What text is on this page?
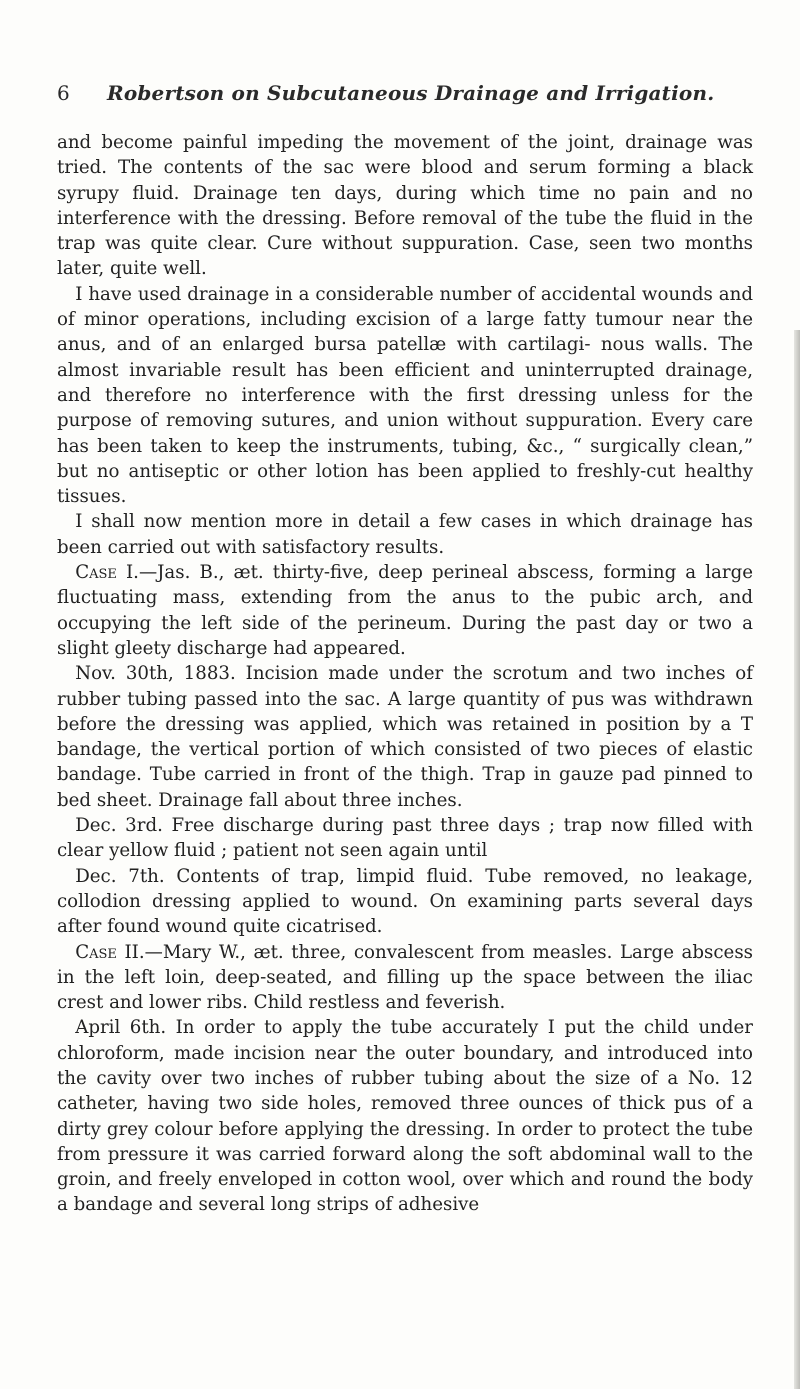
6 Robertson on Subcutaneous Drainage and Irrigation.

and become painful impeding the movement of the joint, drainage was tried. The contents of the sac were blood and serum forming a black syrupy fluid. Drainage ten days, during which time no pain and no interference with the dressing. Before removal of the tube the fluid in the trap was quite clear. Cure without suppuration. Case, seen two months later, quite well.

 I have used drainage in a considerable number of accidental wounds and of minor operations, including excision of a large fatty tumour near the anus, and of an enlarged bursa patellæ with cartilagi- nous walls. The almost invariable result has been efficient and uninterrupted drainage, and therefore no interference with the first dressing unless for the purpose of removing sutures, and union without suppuration. Every care has been taken to keep the instruments, tubing, &c., “ surgically clean,” but no antiseptic or other lotion has been applied to freshly-cut healthy tissues.

 I shall now mention more in detail a few cases in which drainage has been carried out with satisfactory results.

 Case I.—Jas. B., æt. thirty-five, deep perineal abscess, forming a large fluctuating mass, extending from the anus to the pubic arch, and occupying the left side of the perineum. During the past day or two a slight gleety discharge had appeared.

 Nov. 30th, 1883. Incision made under the scrotum and two inches of rubber tubing passed into the sac. A large quantity of pus was withdrawn before the dressing was applied, which was retained in position by a T bandage, the vertical portion of which consisted of two pieces of elastic bandage. Tube carried in front of the thigh. Trap in gauze pad pinned to bed sheet. Drainage fall about three inches.

 Dec. 3rd. Free discharge during past three days ; trap now filled with clear yellow fluid ; patient not seen again until

 Dec. 7th. Contents of trap, limpid fluid. Tube removed, no leakage, collodion dressing applied to wound. On examining parts several days after found wound quite cicatrised.

 Case II.—Mary W., æt. three, convalescent from measles. Large abscess in the left loin, deep-seated, and filling up the space between the iliac crest and lower ribs. Child restless and feverish.

 April 6th. In order to apply the tube accurately I put the child under chloroform, made incision near the outer boundary, and introduced into the cavity over two inches of rubber tubing about the size of a No. 12 catheter, having two side holes, removed three ounces of thick pus of a dirty grey colour before applying the dressing. In order to protect the tube from pressure it was carried forward along the soft abdominal wall to the groin, and freely enveloped in cotton wool, over which and round the body a bandage and several long strips of adhesive
